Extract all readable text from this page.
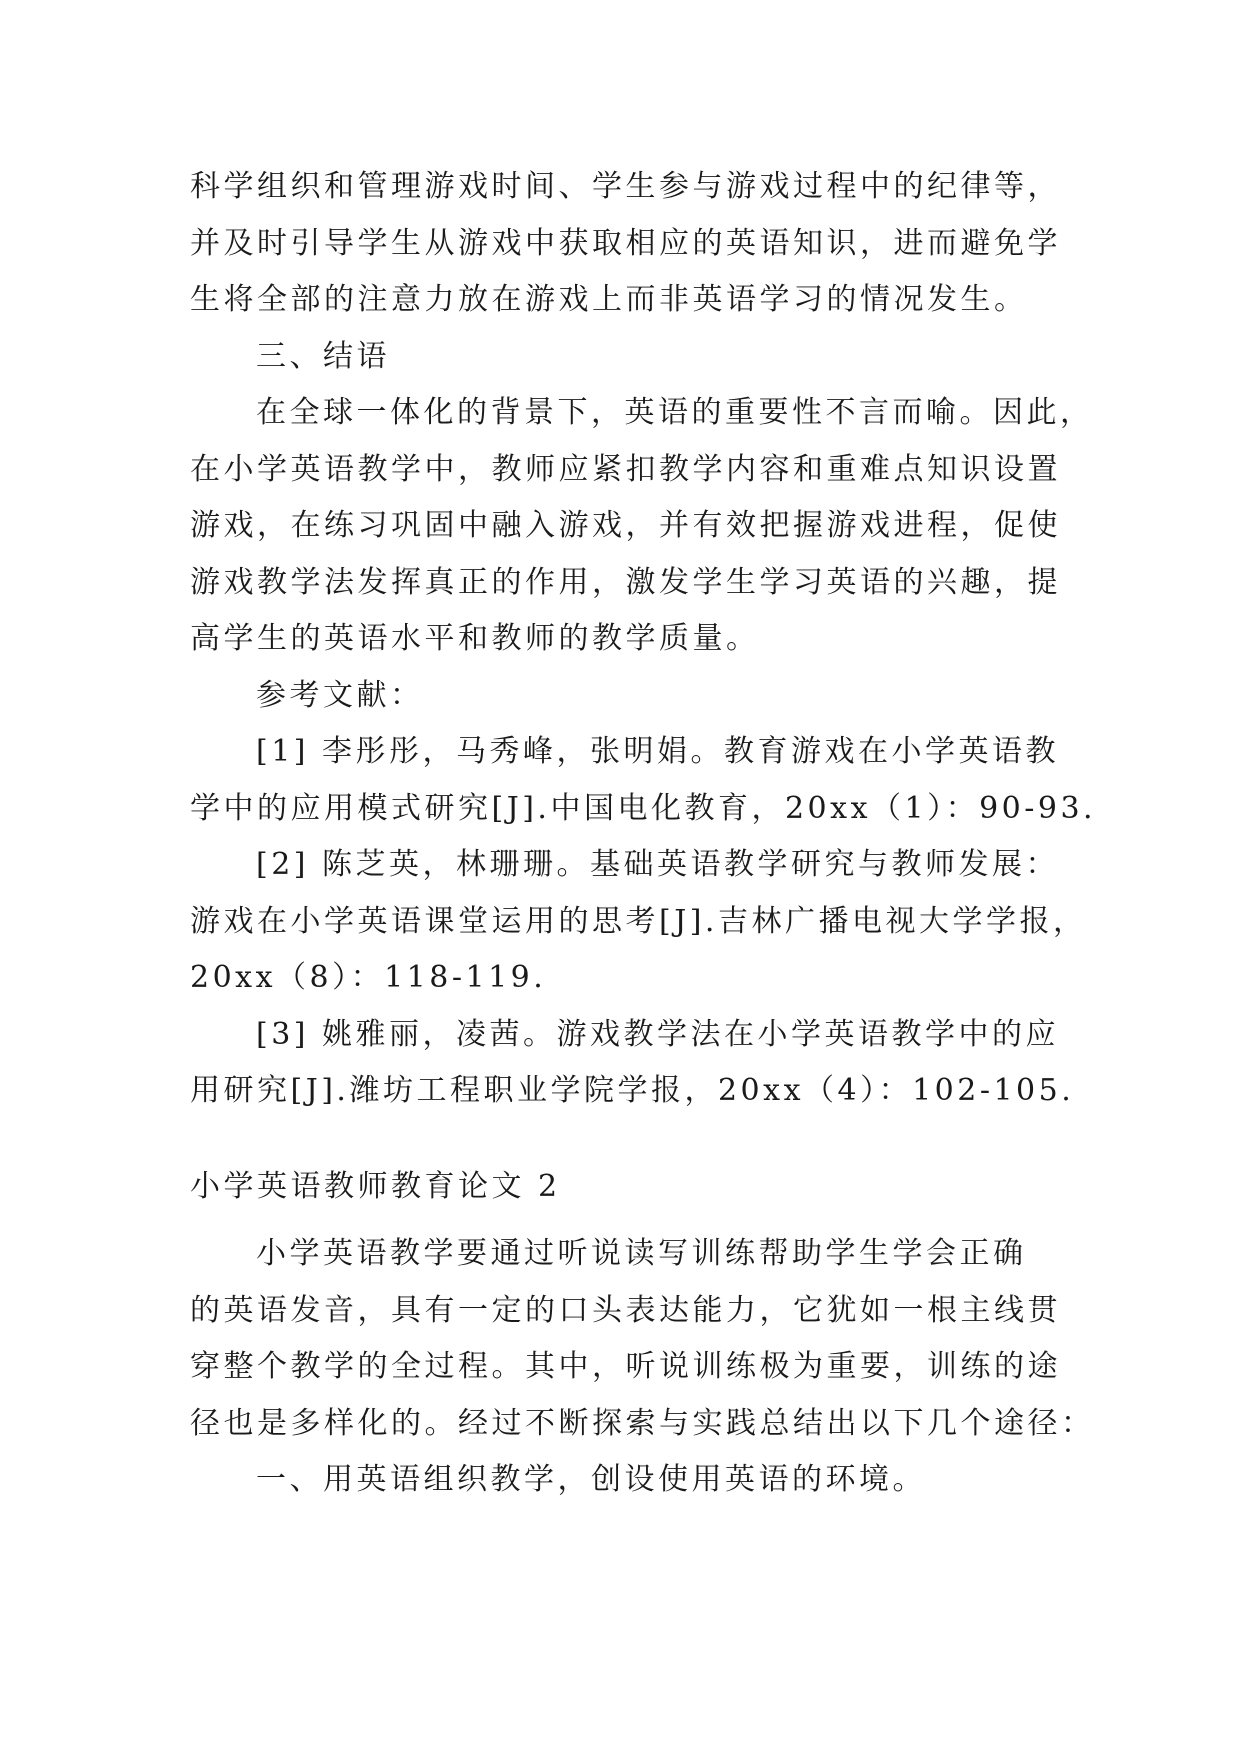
科学组织和管理游戏时间、学生参与游戏过程中的纪律等，
并及时引导学生从游戏中获取相应的英语知识，进而避免学
生将全部的注意力放在游戏上而非英语学习的情况发生。
三、结语
在全球一体化的背景下，英语的重要性不言而喻。因此，
在小学英语教学中，教师应紧扣教学内容和重难点知识设置
游戏，在练习巩固中融入游戏，并有效把握游戏进程，促使
游戏教学法发挥真正的作用，激发学生学习英语的兴趣，提
高学生的英语水平和教师的教学质量。
参考文献：
[1] 李彤彤，马秀峰，张明娟。教育游戏在小学英语教
学中的应用模式研究[J].中国电化教育，20xx（1）：90-93.
[2] 陈芝英，林珊珊。基础英语教学研究与教师发展：
游戏在小学英语课堂运用的思考[J].吉林广播电视大学学报，
20xx（8）：118-119.
[3] 姚雅丽，凌茜。游戏教学法在小学英语教学中的应
用研究[J].潍坊工程职业学院学报，20xx（4）：102-105.
小学英语教师教育论文 2
小学英语教学要通过听说读写训练帮助学生学会正确
的英语发音，具有一定的口头表达能力，它犹如一根主线贯
穿整个教学的全过程。其中，听说训练极为重要，训练的途
径也是多样化的。经过不断探索与实践总结出以下几个途径：
一、用英语组织教学，创设使用英语的环境。
